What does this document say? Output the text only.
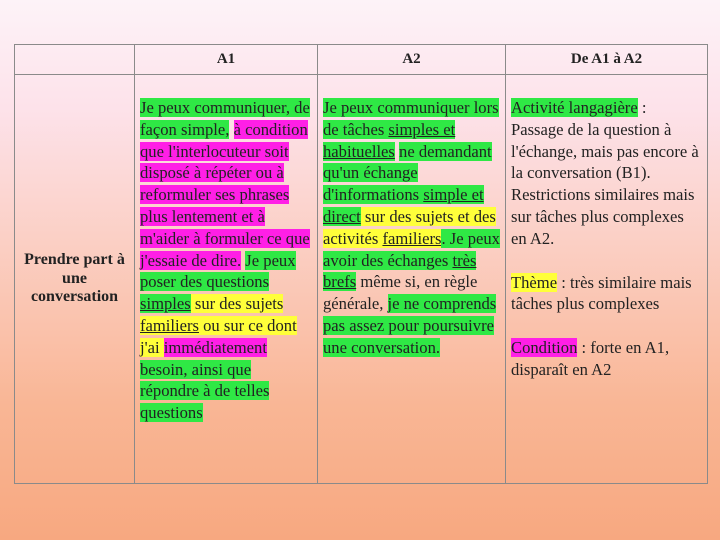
A1	A2	De A1 à A2
Prendre part à une conversation
Je peux communiquer, de façon simple, à condition que l'interlocuteur soit disposé à répéter ou à reformuler ses phrases plus lentement et à m'aider à formuler ce que j'essaie de dire. Je peux poser des questions simples sur des sujets familiers ou sur ce dont j'ai immédiatement besoin, ainsi que répondre à de telles questions
Je peux communiquer lors de tâches simples et habituelles ne demandant qu'un échange d'informations simple et direct sur des sujets et des activités familiers. Je peux avoir des échanges très brefs même si, en règle générale, je ne comprends pas assez pour poursuivre une conversation.
Activité langagière : Passage de la question à l'échange, mais pas encore à la conversation (B1). Restrictions similaires mais sur tâches plus complexes en A2.
Thème : très similaire mais tâches plus complexes
Condition : forte en A1, disparaît en A2
